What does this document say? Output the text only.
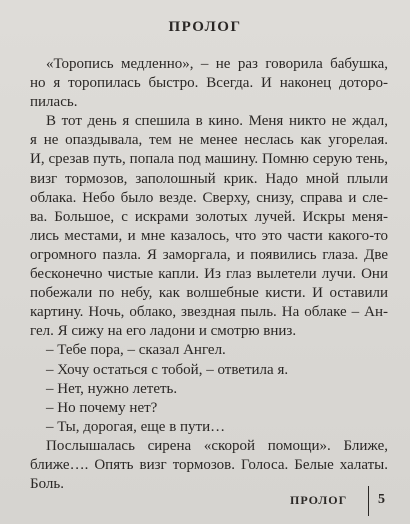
ПРОЛОГ
«Торопись медленно», – не раз говорила бабушка,
но я торопилась быстро. Всегда. И наконец дотoро-
пилась.
В тот день я спешила в кино. Меня никто не ждал,
я не опаздывала, тем не менее неслась как угорелая.
И, срезав путь, попала под машину. Помню серую тень,
визг тормозов, заполошный крик. Надо мной плыли
облака. Небо было везде. Сверху, снизу, справа и сле-
ва. Большое, с искрами золотых лучей. Искры меня-
лись местами, и мне казалось, что это части какого-то
огромного пазла. Я заморгала, и появились глаза. Две
бесконечно чистые капли. Из глаз вылетели лучи. Они
побежали по небу, как волшебные кисти. И оставили
картину. Ночь, облако, звездная пыль. На облаке – Ан-
гел. Я сижу на его ладони и смотрю вниз.
– Тебе пора, – сказал Ангел.
– Хочу остаться с тобой, – ответила я.
– Нет, нужно лететь.
– Но почему нет?
– Ты, дорогая, еще в пути…
Послышалась сирена «скорой помощи». Ближе,
ближе…. Опять визг тормозов. Голоса. Белые халаты.
Боль.
ПРОЛОГ 5
